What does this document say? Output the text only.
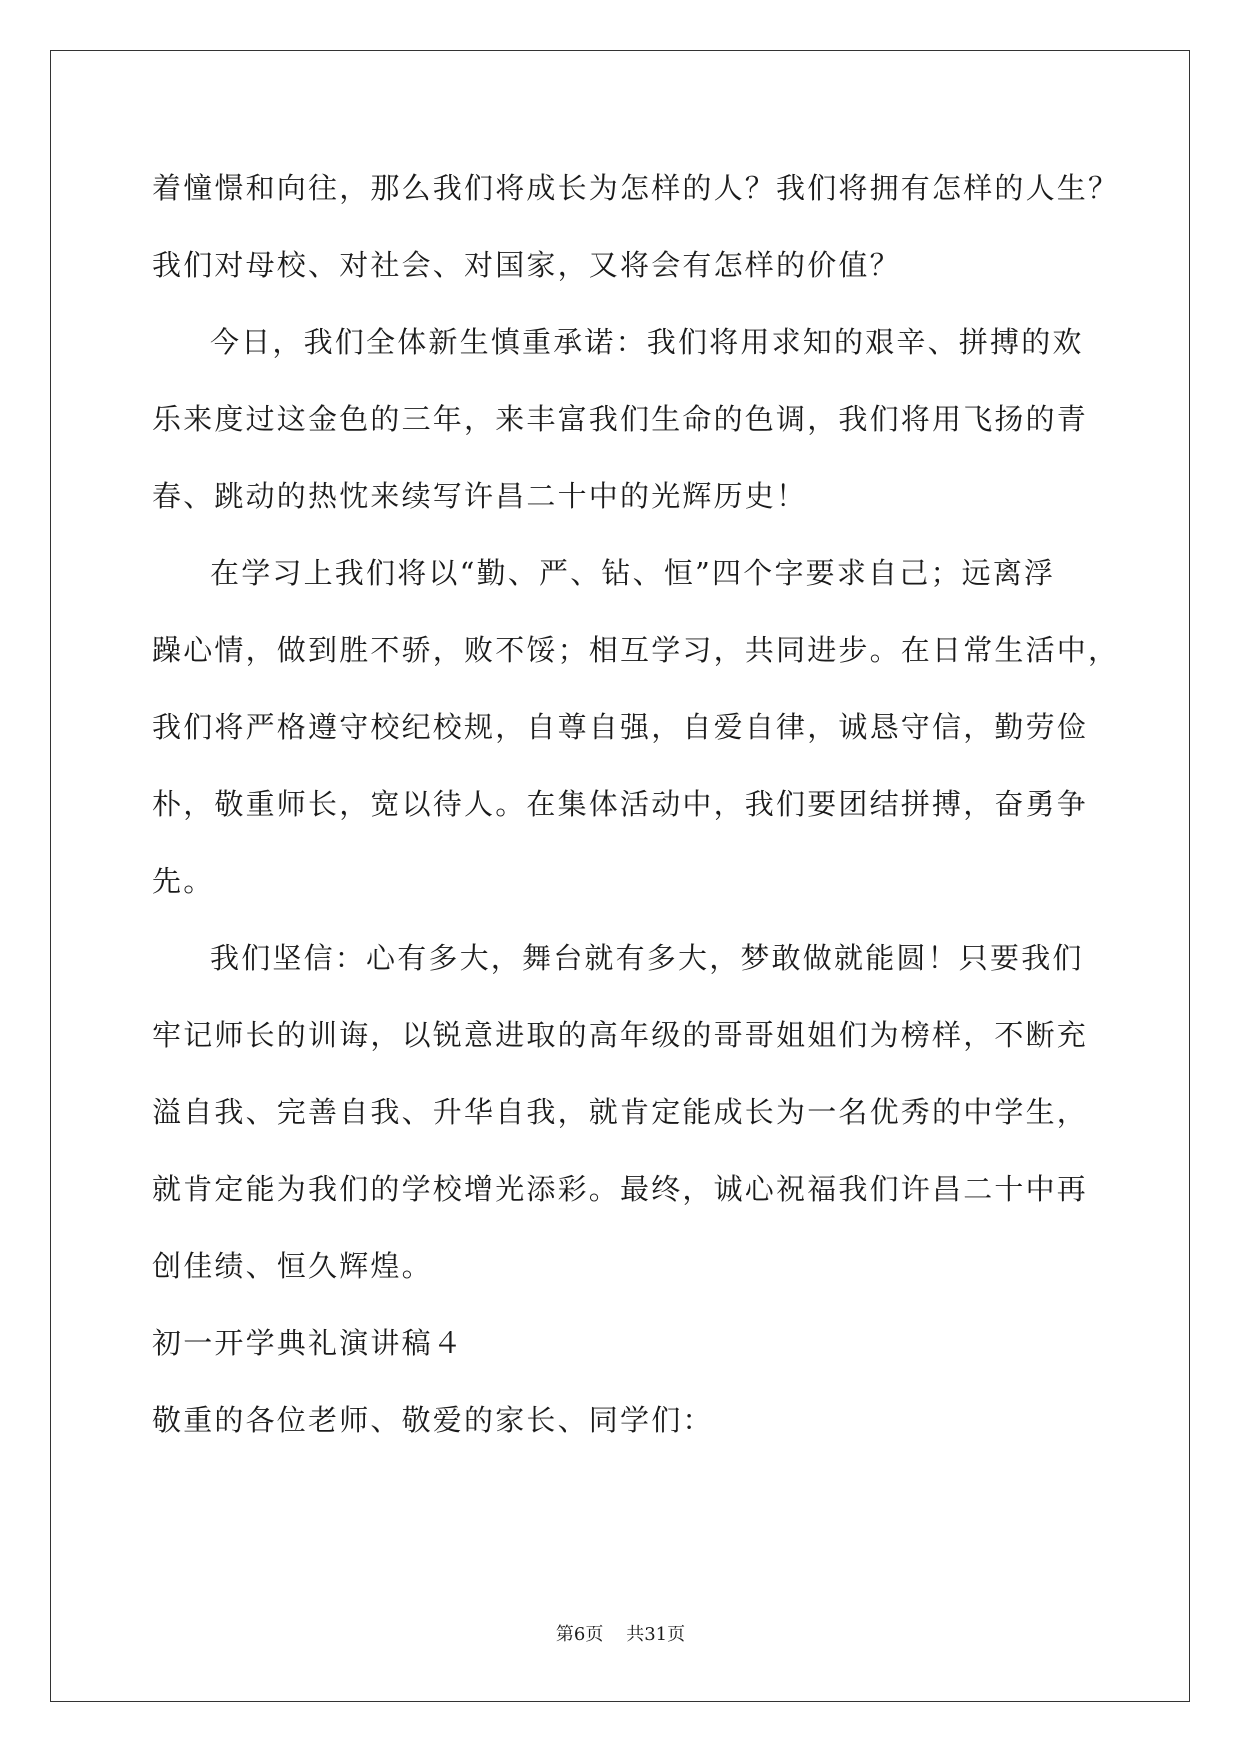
着憧憬和向往，那么我们将成长为怎样的人？我们将拥有怎样的人生？
我们对母校、对社会、对国家，又将会有怎样的价值？
今日，我们全体新生慎重承诺：我们将用求知的艰辛、拼搏的欢
乐来度过这金色的三年，来丰富我们生命的色调，我们将用飞扬的青
春、跳动的热忱来续写许昌二十中的光辉历史！
在学习上我们将以“勤、严、钻、恒”四个字要求自己；远离浮
躁心情，做到胜不骄，败不馁；相互学习，共同进步。在日常生活中，
我们将严格遵守校纪校规，自尊自强，自爱自律，诚恳守信，勤劳俭
朴，敬重师长，宽以待人。在集体活动中，我们要团结拼搏，奋勇争
先。
我们坚信：心有多大，舞台就有多大，梦敢做就能圆！只要我们
牢记师长的训诲，以锐意进取的高年级的哥哥姐姐们为榜样，不断充
溢自我、完善自我、升华自我，就肯定能成长为一名优秀的中学生，
就肯定能为我们的学校增光添彩。最终，诚心祝福我们许昌二十中再
创佳绩、恒久辉煌。
初一开学典礼演讲稿４
敬重的各位老师、敬爱的家长、同学们：
第6页 共31页
